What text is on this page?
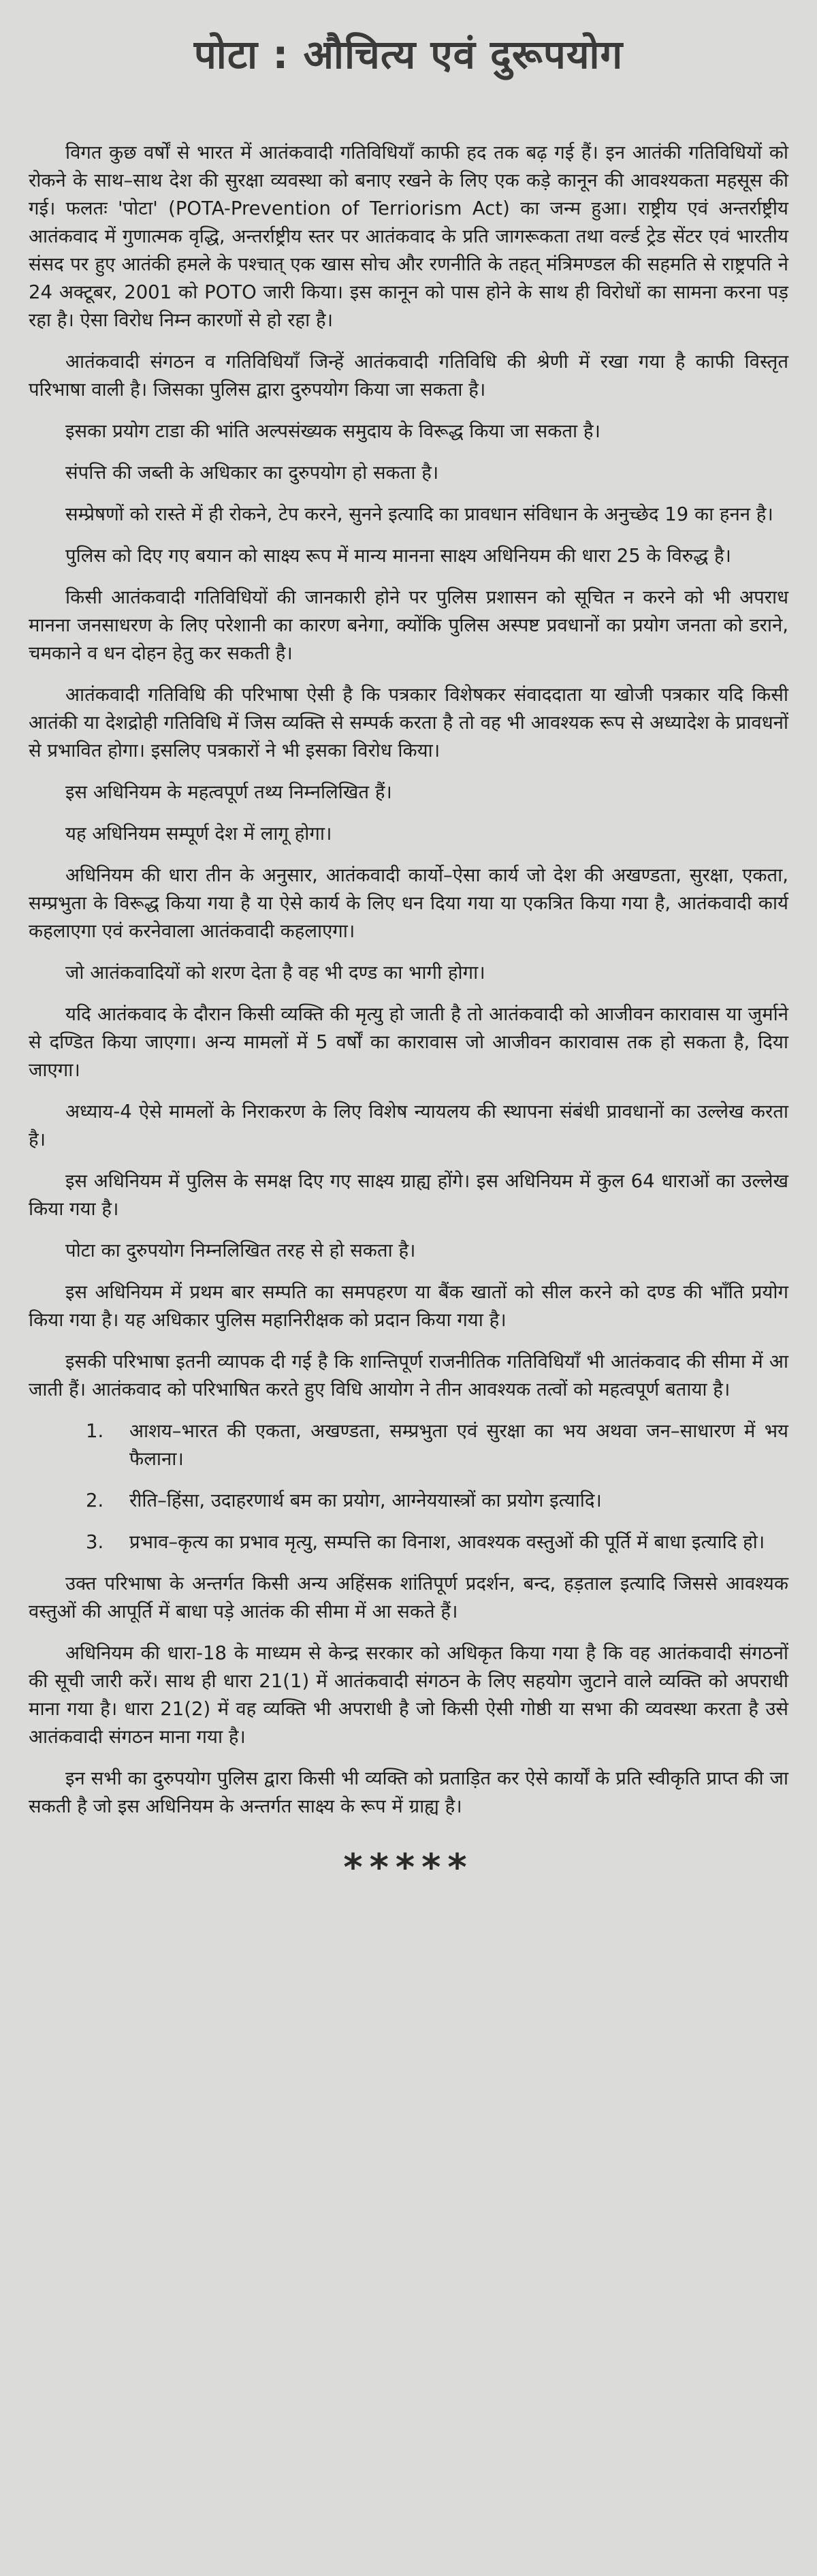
पोटा : औचित्य एवं दुरूपयोग

विगत कुछ वर्षों से भारत में आतंकवादी गतिविधियाँ काफी हद तक बढ़ गई हैं। इन आतंकी गतिविधियों को रोकने के साथ–साथ देश की सुरक्षा व्यवस्था को बनाए रखने के लिए एक कड़े कानून की आवश्यकता महसूस की गई। फलतः 'पोटा' (POTA-Prevention of Terriorism Act) का जन्म हुआ। राष्ट्रीय एवं अन्तर्राष्ट्रीय आतंकवाद में गुणात्मक वृद्धि, अन्तर्राष्ट्रीय स्तर पर आतंकवाद के प्रति जागरूकता तथा वर्ल्ड ट्रेड सेंटर एवं भारतीय संसद पर हुए आतंकी हमले के पश्चात् एक खास सोच और रणनीति के तहत् मंत्रिमण्डल की सहमति से राष्ट्रपति ने 24 अक्टूबर, 2001 को POTO जारी किया। इस कानून को पास होने के साथ ही विरोधों का सामना करना पड़ रहा है। ऐसा विरोध निम्न कारणों से हो रहा है।

आतंकवादी संगठन व गतिविधियाँ जिन्हें आतंकवादी गतिविधि की श्रेणी में रखा गया है काफी विस्तृत परिभाषा वाली है। जिसका पुलिस द्वारा दुरुपयोग किया जा सकता है।

इसका प्रयोग टाडा की भांति अल्पसंख्यक समुदाय के विरूद्ध किया जा सकता है।

संपत्ति की जब्ती के अधिकार का दुरुपयोग हो सकता है।

सम्प्रेषणों को रास्ते में ही रोकने, टेप करने, सुनने इत्यादि का प्रावधान संविधान के अनुच्छेद 19 का हनन है।

पुलिस को दिए गए बयान को साक्ष्य रूप में मान्य मानना साक्ष्य अधिनियम की धारा 25 के विरुद्ध है।

किसी आतंकवादी गतिविधियों की जानकारी होने पर पुलिस प्रशासन को सूचित न करने को भी अपराध मानना जनसाधरण के लिए परेशानी का कारण बनेगा, क्योंकि पुलिस अस्पष्ट प्रवधानों का प्रयोग जनता को डराने, चमकाने व धन दोहन हेतु कर सकती है।

आतंकवादी गतिविधि की परिभाषा ऐसी है कि पत्रकार विशेषकर संवाददाता या खोजी पत्रकार यदि किसी आतंकी या देशद्रोही गतिविधि में जिस व्यक्ति से सम्पर्क करता है तो वह भी आवश्यक रूप से अध्यादेश के प्रावधनों से प्रभावित होगा। इसलिए पत्रकारों ने भी इसका विरोध किया।

इस अधिनियम के महत्वपूर्ण तथ्य निम्नलिखित हैं।

यह अधिनियम सम्पूर्ण देश में लागू होगा।

अधिनियम की धारा तीन के अनुसार, आतंकवादी कार्यो–ऐसा कार्य जो देश की अखण्डता, सुरक्षा, एकता, सम्प्रभुता के विरूद्ध किया गया है या ऐसे कार्य के लिए धन दिया गया या एकत्रित किया गया है, आतंकवादी कार्य कहलाएगा एवं करनेवाला आतंकवादी कहलाएगा।

जो आतंकवादियों को शरण देता है वह भी दण्ड का भागी होगा।

यदि आतंकवाद के दौरान किसी व्यक्ति की मृत्यु हो जाती है तो आतंकवादी को आजीवन कारावास या जुर्माने से दण्डित किया जाएगा। अन्य मामलों में 5 वर्षों का कारावास जो आजीवन कारावास तक हो सकता है, दिया जाएगा।

अध्याय-4 ऐसे मामलों के निराकरण के लिए विशेष न्यायलय की स्थापना संबंधी प्रावधानों का उल्लेख करता है।

इस अधिनियम में पुलिस के समक्ष दिए गए साक्ष्य ग्राह्य होंगे। इस अधिनियम में कुल 64 धाराओं का उल्लेख किया गया है।

पोटा का दुरुपयोग निम्नलिखित तरह से हो सकता है।

इस अधिनियम में प्रथम बार सम्पति का समपहरण या बैंक खातों को सील करने को दण्ड की भाँति प्रयोग किया गया है। यह अधिकार पुलिस महानिरीक्षक को प्रदान किया गया है।

इसकी परिभाषा इतनी व्यापक दी गई है कि शान्तिपूर्ण राजनीतिक गतिविधियाँ भी आतंकवाद की सीमा में आ जाती हैं। आतंकवाद को परिभाषित करते हुए विधि आयोग ने तीन आवश्यक तत्वों को महत्वपूर्ण बताया है।

1. आशय–भारत की एकता, अखण्डता, सम्प्रभुता एवं सुरक्षा का भय अथवा जन–साधारण में भय फैलाना।
2. रीति–हिंसा, उदाहरणार्थ बम का प्रयोग, आग्नेययास्त्रों का प्रयोग इत्यादि।
3. प्रभाव–कृत्य का प्रभाव मृत्यु, सम्पत्ति का विनाश, आवश्यक वस्तुओं की पूर्ति में बाधा इत्यादि हो।

उक्त परिभाषा के अन्तर्गत किसी अन्य अहिंसक शांतिपूर्ण प्रदर्शन, बन्द, हड़ताल इत्यादि जिससे आवश्यक वस्तुओं की आपूर्ति में बाधा पड़े आतंक की सीमा में आ सकते हैं।

अधिनियम की धारा-18 के माध्यम से केन्द्र सरकार को अधिकृत किया गया है कि वह आतंकवादी संगठनों की सूची जारी करें। साथ ही धारा 21(1) में आतंकवादी संगठन के लिए सहयोग जुटाने वाले व्यक्ति को अपराधी माना गया है। धारा 21(2) में वह व्यक्ति भी अपराधी है जो किसी ऐसी गोष्ठी या सभा की व्यवस्था करता है उसे आतंकवादी संगठन माना गया है।

इन सभी का दुरुपयोग पुलिस द्वारा किसी भी व्यक्ति को प्रताड़ित कर ऐसे कार्यों के प्रति स्वीकृति प्राप्त की जा सकती है जो इस अधिनियम के अन्तर्गत साक्ष्य के रूप में ग्राह्य है।

*****
